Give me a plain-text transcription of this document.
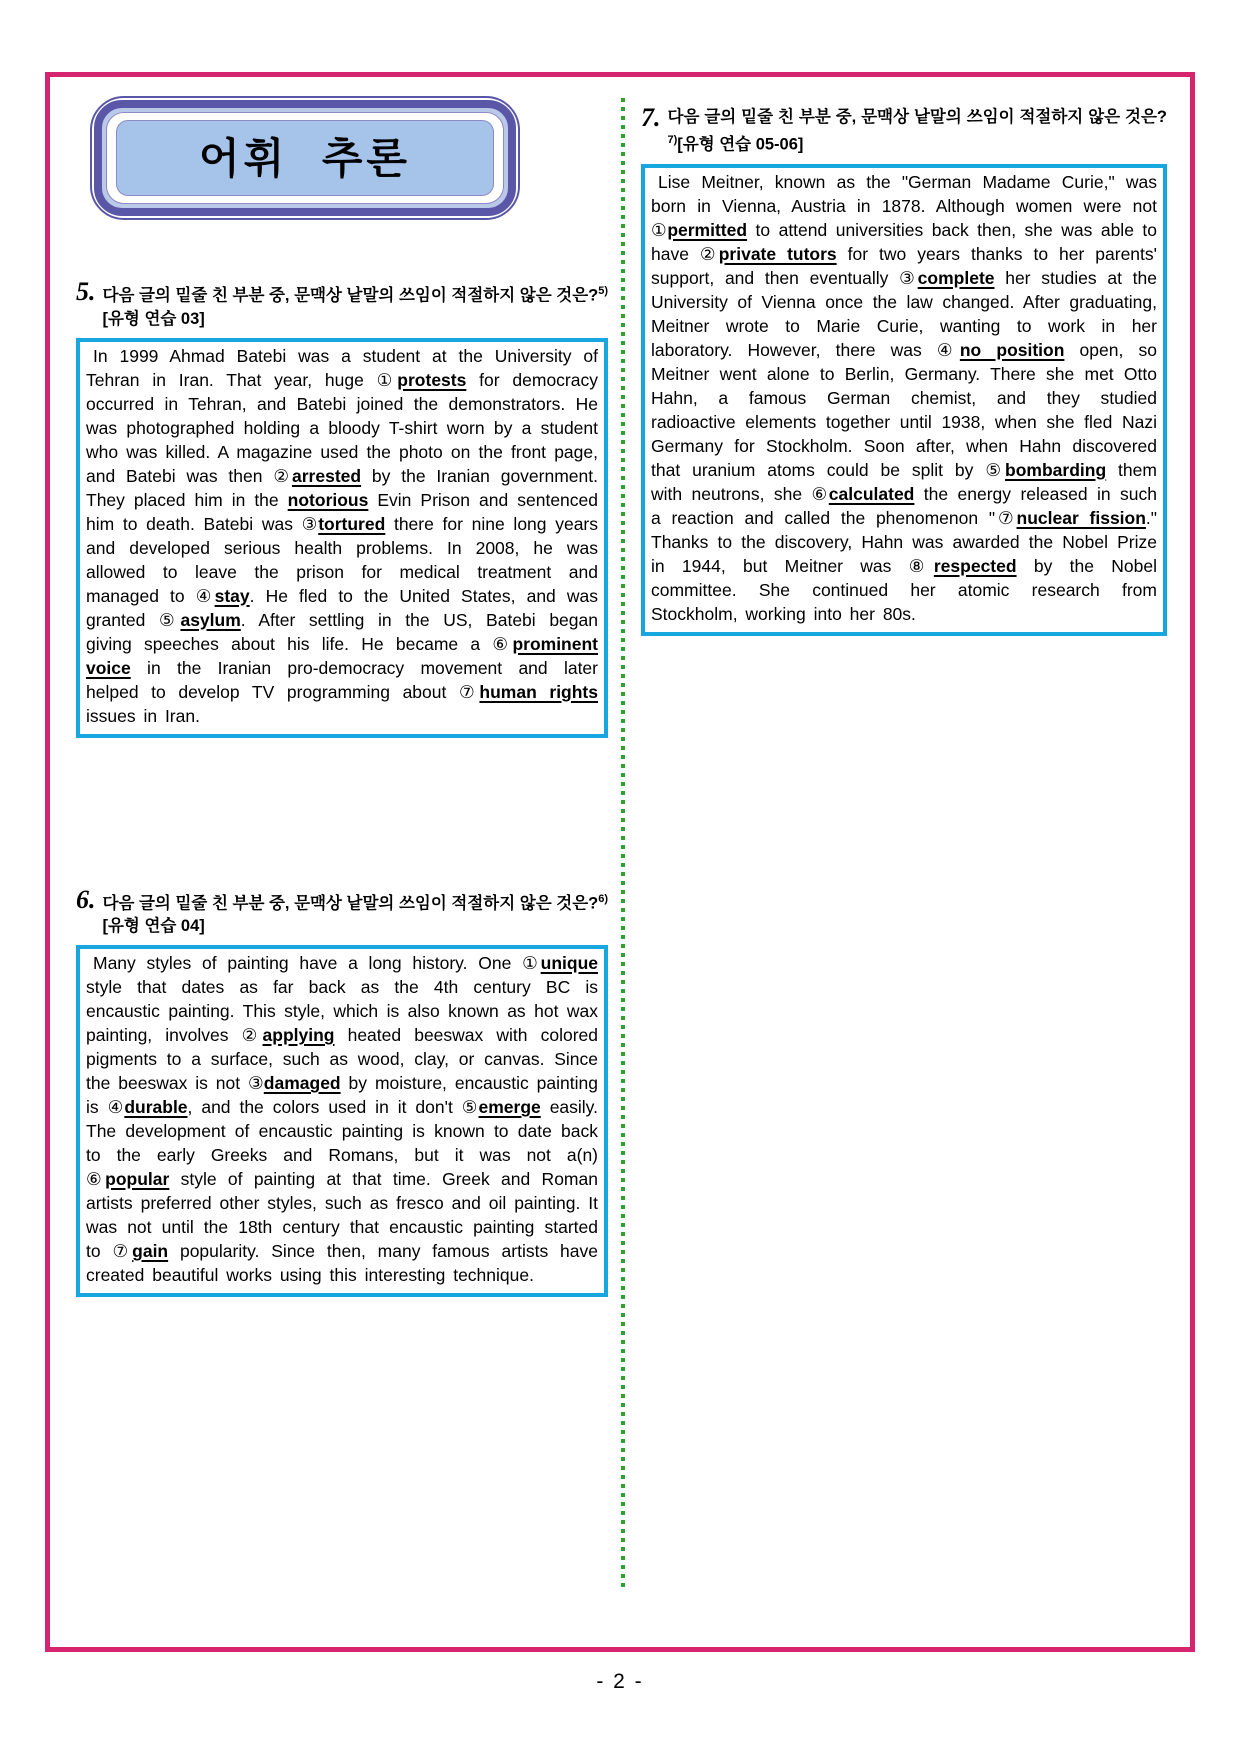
어휘 추론
5. 다음 글의 밑줄 친 부분 중, 문맥상 낱말의 쓰임이 적절하지 않은 것은?$^{5)}$[유형 연습 03]

In 1999 Ahmad Batebi was a student at the University of Tehran in Iran. That year, huge ①protests for democracy occurred in Tehran, and Batebi joined the demonstrators. He was photographed holding a bloody T-shirt worn by a student who was killed. A magazine used the photo on the front page, and Batebi was then ②arrested by the Iranian government. They placed him in the notorious Evin Prison and sentenced him to death. Batebi was ③tortured there for nine long years and developed serious health problems. In 2008, he was allowed to leave the prison for medical treatment and managed to ④stay. He fled to the United States, and was granted ⑤asylum. After settling in the US, Batebi began giving speeches about his life. He became a ⑥prominent voice in the Iranian pro-democracy movement and later helped to develop TV programming about ⑦human rights issues in Iran.

6. 다음 글의 밑줄 친 부분 중, 문맥상 낱말의 쓰임이 적절하지 않은 것은?$^{6)}$[유형 연습 04]

Many styles of painting have a long history. One ①unique style that dates as far back as the 4th century BC is encaustic painting. This style, which is also known as hot wax painting, involves ②applying heated beeswax with colored pigments to a surface, such as wood, clay, or canvas. Since the beeswax is not ③damaged by moisture, encaustic painting is ④durable, and the colors used in it don't ⑤emerge easily. The development of encaustic painting is known to date back to the early Greeks and Romans, but it was not a(n) ⑥popular style of painting at that time. Greek and Roman artists preferred other styles, such as fresco and oil painting. It was not until the 18th century that encaustic painting started to ⑦gain popularity. Since then, many famous artists have created beautiful works using this interesting technique.

7. 다음 글의 밑줄 친 부분 중, 문맥상 낱말의 쓰임이 적절하지 않은 것은?$^{7)}$[유형 연습 05-06]

Lise Meitner, known as the "German Madame Curie," was born in Vienna, Austria in 1878. Although women were not ①permitted to attend universities back then, she was able to have ②private tutors for two years thanks to her parents' support, and then eventually ③complete her studies at the University of Vienna once the law changed. After graduating, Meitner wrote to Marie Curie, wanting to work in her laboratory. However, there was ④no position open, so Meitner went alone to Berlin, Germany. There she met Otto Hahn, a famous German chemist, and they studied radioactive elements together until 1938, when she fled Nazi Germany for Stockholm. Soon after, when Hahn discovered that uranium atoms could be split by ⑤bombarding them with neutrons, she ⑥calculated the energy released in such a reaction and called the phenomenon "⑦nuclear fission." Thanks to the discovery, Hahn was awarded the Nobel Prize in 1944, but Meitner was ⑧respected by the Nobel committee. She continued her atomic research from Stockholm, working into her 80s.

- 2 -
